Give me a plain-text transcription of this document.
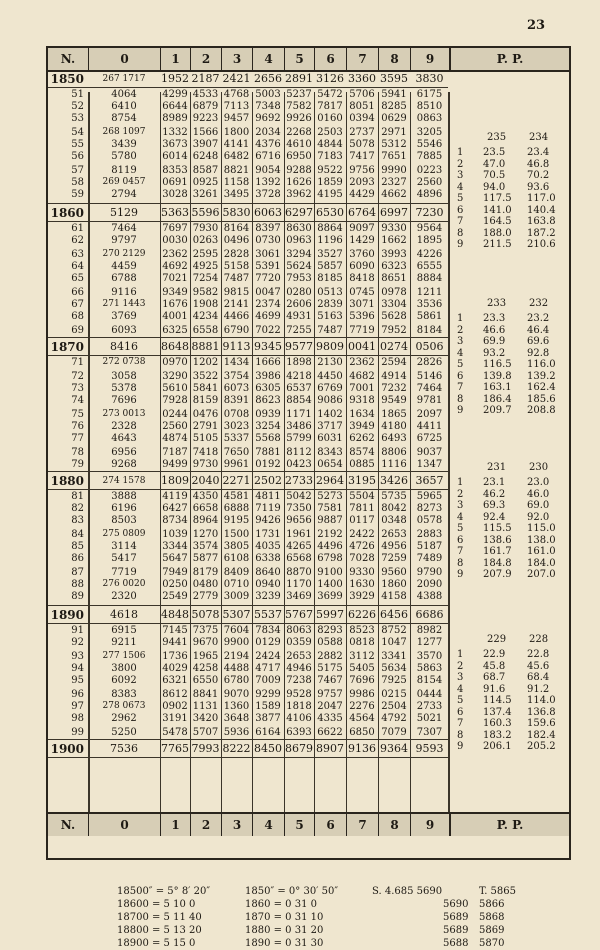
23
N.	0	1	2	3	4	5	6	7	8	9	P. P.
1850	267 1717	1952 2187 2421 2656 2891 3126 3360 3595 3830
51	4064	4299 4533 4768 5003 5237 5472 5706 5941	6175
52	6410	6644 6879 7113 7348 7582 7817 8051 8285	8510
53	8754	8989 9223 9457 9692 9926 0160 0394 0629	0863
54	268 1097	1332 1566 1800 2034 2268 2503 2737 2971	3205
55	3439	3673 3907 4141 4376 4610 4844 5078 5312	5546
56	5780	6014 6248 6482 6716 6950 7183 7417 7651	7885
57	8119	8353 8587 8821 9054 9288 9522 9756 9990	0223
58	269 0457	0691 0925 1158 1392 1626 1859 2093 2327	2560
59	2794	3028 3261 3495 3728 3962 4195 4429 4662	4896
1860	5129	5363 5596 5830 6063 6297 6530 6764 6997 7230
61	7464	7697 7930 8164 8397 8630 8864 9097 9330	9564
62	9797	0030 0263 0496 0730 0963 1196 1429 1662	1895
63	270 2129	2362 2595 2828 3061 3294 3527 3760 3993	4226
64	4459	4692 4925 5158 5391 5624 5857 6090 6323	6555
65	6788	7021 7254 7487 7720 7953 8185 8418 8651	8884
66	9116	9349 9582 9815 0047 0280 0513 0745 0978	1211
67	271 1443	1676 1908 2141 2374 2606 2839 3071 3304	3536
68	3769	4001 4234 4466 4699 4931 5163 5396 5628	5861
69	6093	6325 6558 6790 7022 7255 7487 7719 7952	8184
1870	8416	8648 8881 9113 9345 9577 9809 0041 0274 0506
71	272 0738	0970 1202 1434 1666 1898 2130 2362 2594	2826
72	3058	3290 3522 3754 3986 4218 4450 4682 4914	5146
73	5378	5610 5841 6073 6305 6537 6769 7001 7232	7464
74	7696	7928 8159 8391 8623 8854 9086 9318 9549	9781
75	273 0013	0244 0476 0708 0939 1171 1402 1634 1865	2097
76	2328	2560 2791 3023 3254 3486 3717 3949 4180	4411
77	4643	4874 5105 5337 5568 5799 6031 6262 6493	6725
78	6956	7187 7418 7650 7881 8112 8343 8574 8806	9037
79	9268	9499 9730 9961 0192 0423 0654 0885 1116	1347
1880	274 1578	1809 2040 2271 2502 2733 2964 3195 3426 3657
81	3888	4119 4350 4581 4811 5042 5273 5504 5735	5965
82	6196	6427 6658 6888 7119 7350 7581 7811 8042	8273
83	8503	8734 8964 9195 9426 9656 9887 0117 0348	0578
84	275 0809	1039 1270 1500 1731 1961 2192 2422 2653	2883
85	3114	3344 3574 3805 4035 4265 4496 4726 4956	5187
86	5417	5647 5877 6108 6338 6568 6798 7028 7259	7489
87	7719	7949 8179 8409 8640 8870 9100 9330 9560	9790
88	276 0020	0250 0480 0710 0940 1170 1400 1630 1860	2090
89	2320	2549 2779 3009 3239 3469 3699 3929 4158	4388
1890	4618	4848 5078 5307 5537 5767 5997 6226 6456 6686
91	6915	7145 7375 7604 7834 8063 8293 8523 8752	8982
92	9211	9441 9670 9900 0129 0359 0588 0818 1047	1277
93	277 1506	1736 1965 2194 2424 2653 2882 3112 3341	3570
94	3800	4029 4258 4488 4717 4946 5175 5405 5634	5863
95	6092	6321 6550 6780 7009 7238 7467 7696 7925	8154
96	8383	8612 8841 9070 9299 9528 9757 9986 0215	0444
97	278 0673	0902 1131 1360 1589 1818 2047 2276 2504	2733
98	2962	3191 3420 3648 3877 4106 4335 4564 4792	5021
99	5250	5478 5707 5936 6164 6393 6622 6850 7079	7307
1900	7536	7765 7993 8222 8450 8679 8907 9136 9364 9593
235 234
1 23.5 23.4
2 47.0 46.8
3 70.5 70.2
4 94.0 93.6
5 117.5 117.0
6 141.0 140.4
7 164.5 163.8
8 188.0 187.2
9 211.5 210.6
233 232
1 23.3 23.2
2 46.6 46.4
3 69.9 69.6
4 93.2 92.8
5 116.5 116.0
6 139.8 139.2
7 163.1 162.4
8 186.4 185.6
9 209.7 208.8
231 230
1 23.1 23.0
2 46.2 46.0
3 69.3 69.0
4 92.4 92.0
5 115.5 115.0
6 138.6 138.0
7 161.7 161.0
8 184.8 184.0
9 207.9 207.0
229 228
1 22.9 22.8
2 45.8 45.6
3 68.7 68.4
4 91.6 91.2
5 114.5 114.0
6 137.4 136.8
7 160.3 159.6
8 183.2 182.4
9 206.1 205.2
N.	0	1	2	3	4	5	6	7	8	9	P. P.
18500″ = 5° 8′ 20″	1850″ = 0° 30′ 50″	S. 4.685 5690	T. 5865
18600 = 5 10 0	1860 = 0 31 0	5690 5866
18700 = 5 11 40	1870 = 0 31 10	5689 5868
18800 = 5 13 20	1880 = 0 31 20	5689 5869
18900 = 5 15 0	1890 = 0 31 30	5688 5870
